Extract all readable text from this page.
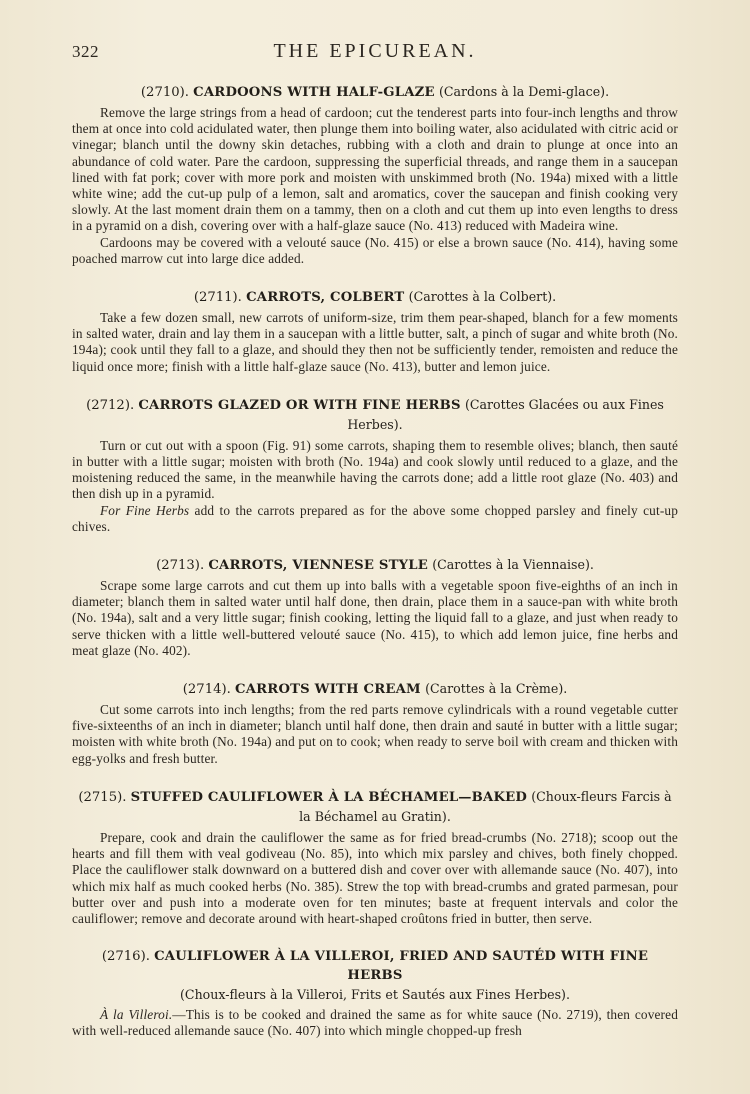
322	THE EPICUREAN.
(2710). CARDOONS WITH HALF-GLAZE (Cardons à la Demi-glace).

Remove the large strings from a head of cardoon; cut the tenderest parts into four-inch lengths and throw them at once into cold acidulated water, then plunge them into boiling water, also acidulated with citric acid or vinegar; blanch until the downy skin detaches, rubbing with a cloth and drain to plunge at once into an abundance of cold water. Pare the cardoon, suppressing the superficial threads, and range them in a saucepan lined with fat pork; cover with more pork and moisten with unskimmed broth (No. 194a) mixed with a little white wine; add the cut-up pulp of a lemon, salt and aromatics, cover the saucepan and finish cooking very slowly. At the last moment drain them on a tammy, then on a cloth and cut them up into even lengths to dress in a pyramid on a dish, covering over with a half-glaze sauce (No. 413) reduced with Madeira wine.

Cardoons may be covered with a velouté sauce (No. 415) or else a brown sauce (No. 414), having some poached marrow cut into large dice added.

(2711). CARROTS, COLBERT (Carottes à la Colbert).

Take a few dozen small, new carrots of uniform-size, trim them pear-shaped, blanch for a few moments in salted water, drain and lay them in a saucepan with a little butter, salt, a pinch of sugar and white broth (No. 194a); cook until they fall to a glaze, and should they then not be sufficiently tender, remoisten and reduce the liquid once more; finish with a little half-glaze sauce (No. 413), butter and lemon juice.

(2712). CARROTS GLAZED OR WITH FINE HERBS (Carottes Glacées ou aux Fines Herbes).

Turn or cut out with a spoon (Fig. 91) some carrots, shaping them to resemble olives; blanch, then sauté in butter with a little sugar; moisten with broth (No. 194a) and cook slowly until reduced to a glaze, and the moistening reduced the same, in the meanwhile having the carrots done; add a little root glaze (No. 403) and then dish up in a pyramid.

For Fine Herbs add to the carrots prepared as for the above some chopped parsley and finely cut-up chives.

(2713). CARROTS, VIENNESE STYLE (Carottes à la Viennaise).

Scrape some large carrots and cut them up into balls with a vegetable spoon five-eighths of an inch in diameter; blanch them in salted water until half done, then drain, place them in a sauce-pan with white broth (No. 194a), salt and a very little sugar; finish cooking, letting the liquid fall to a glaze, and just when ready to serve thicken with a little well-buttered velouté sauce (No. 415), to which add lemon juice, fine herbs and meat glaze (No. 402).

(2714). CARROTS WITH CREAM (Carottes à la Crème).

Cut some carrots into inch lengths; from the red parts remove cylindricals with a round vegetable cutter five-sixteenths of an inch in diameter; blanch until half done, then drain and sauté in butter with a little sugar; moisten with white broth (No. 194a) and put on to cook; when ready to serve boil with cream and thicken with egg-yolks and fresh butter.

(2715). STUFFED CAULIFLOWER À LA BÉCHAMEL—BAKED (Choux-fleurs Farcis à la Béchamel au Gratin).

Prepare, cook and drain the cauliflower the same as for fried bread-crumbs (No. 2718); scoop out the hearts and fill them with veal godiveau (No. 85), into which mix parsley and chives, both finely chopped. Place the cauliflower stalk downward on a buttered dish and cover over with allemande sauce (No. 407), into which mix half as much cooked herbs (No. 385). Strew the top with bread-crumbs and grated parmesan, pour butter over and push into a moderate oven for ten minutes; baste at frequent intervals and color the cauliflower; remove and decorate around with heart-shaped croûtons fried in butter, then serve.

(2716). CAULIFLOWER À LA VILLEROI, FRIED AND SAUTÉD WITH FINE HERBS
(Choux-fleurs à la Villeroi, Frits et Sautés aux Fines Herbes).

À la Villeroi.—This is to be cooked and drained the same as for white sauce (No. 2719), then covered with well-reduced allemande sauce (No. 407) into which mingle chopped-up fresh
